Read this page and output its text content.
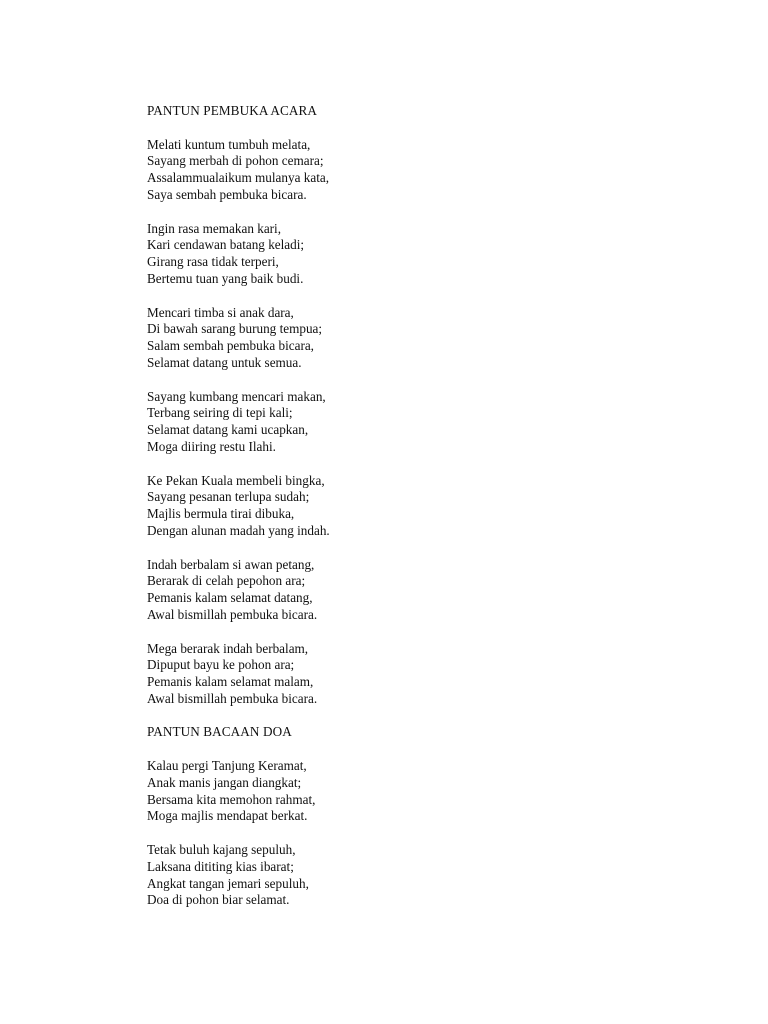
PANTUN PEMBUKA ACARA
Melati kuntum tumbuh melata,
Sayang merbah di pohon cemara;
Assalammualaikum mulanya kata,
Saya sembah pembuka bicara.
Ingin rasa memakan kari,
Kari cendawan batang keladi;
Girang rasa tidak terperi,
Bertemu tuan yang baik budi.
Mencari timba si anak dara,
Di bawah sarang burung tempua;
Salam sembah pembuka bicara,
Selamat datang untuk semua.
Sayang kumbang mencari makan,
Terbang seiring di tepi kali;
Selamat datang kami ucapkan,
Moga diiring restu Ilahi.
Ke Pekan Kuala membeli bingka,
Sayang pesanan terlupa sudah;
Majlis bermula tirai dibuka,
Dengan alunan madah yang indah.
Indah berbalam si awan petang,
Berarak di celah pepohon ara;
Pemanis kalam selamat datang,
Awal bismillah pembuka bicara.
Mega berarak indah berbalam,
Dipuput bayu ke pohon ara;
Pemanis kalam selamat malam,
Awal bismillah pembuka bicara.
PANTUN BACAAN DOA
Kalau pergi Tanjung Keramat,
Anak manis jangan diangkat;
Bersama kita memohon rahmat,
Moga majlis mendapat berkat.
Tetak buluh kajang sepuluh,
Laksana dititing kias ibarat;
Angkat tangan jemari sepuluh,
Doa di pohon biar selamat.
